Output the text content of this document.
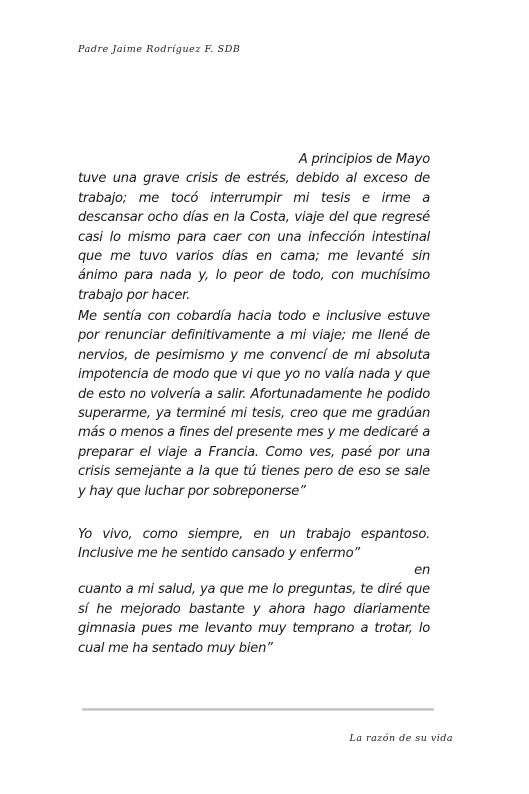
Padre Jaime Rodríguez F. SDB
A principios de Mayo
tuve una grave crisis de estrés, debido al exceso de trabajo; me tocó interrumpir mi tesis e irme a descansar ocho días en la Costa, viaje del que regresé casi lo mismo para caer con una infección intestinal que me tuvo varios días en cama; me levanté sin ánimo para nada y, lo peor de todo, con muchísimo trabajo por hacer.
Me sentía con cobardía hacia todo e inclusive estuve por renunciar definitivamente a mi viaje; me llené de nervios, de pesimismo y me convencí de mi absoluta impotencia de modo que vi que yo no valía nada y que de esto no volvería a salir. Afortunadamente he podido superarme, ya terminé mi tesis, creo que me gradúan más o menos a fines del presente mes y me dedicaré a preparar el viaje a Francia. Como ves, pasé por una crisis semejante a la que tú tienes pero de eso se sale y hay que luchar por sobreponerse”
Yo vivo, como siempre, en un trabajo espantoso. Inclusive me he sentido cansado y enfermo”
en
cuanto a mi salud, ya que me lo preguntas, te diré que sí he mejorado bastante y ahora hago diariamente gimnasia pues me levanto muy temprano a trotar, lo cual me ha sentado muy bien”
La razón de su vida
